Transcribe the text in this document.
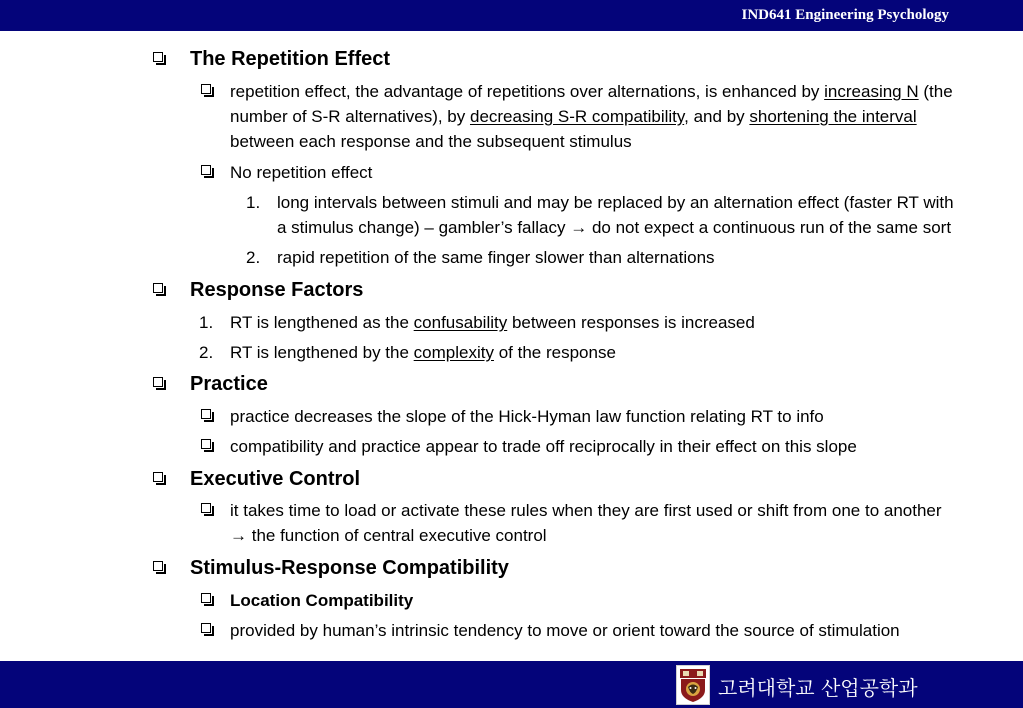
IND641 Engineering Psychology
The Repetition Effect
repetition effect, the advantage of repetitions over alternations, is enhanced by increasing N (the
number of S-R alternatives), by decreasing S-R compatibility, and by shortening the interval
between each response and the subsequent stimulus
No repetition effect
1. long intervals between stimuli and may be replaced by an alternation effect (faster RT with
a stimulus change) – gambler’s fallacy → do not expect a continuous run of the same sort
2. rapid repetition of the same finger slower than alternations
Response Factors
1. RT is lengthened as the confusability between responses is increased
2. RT is lengthened by the complexity of the response
Practice
practice decreases the slope of the Hick-Hyman law function relating RT to info
compatibility and practice appear to trade off reciprocally in their effect on this slope
Executive Control
it takes time to load or activate these rules when they are first used or shift from one to another
→ the function of central executive control
Stimulus-Response Compatibility
Location Compatibility
provided by human’s intrinsic tendency to move or orient toward the source of stimulation
고려대학교 산업공학과
